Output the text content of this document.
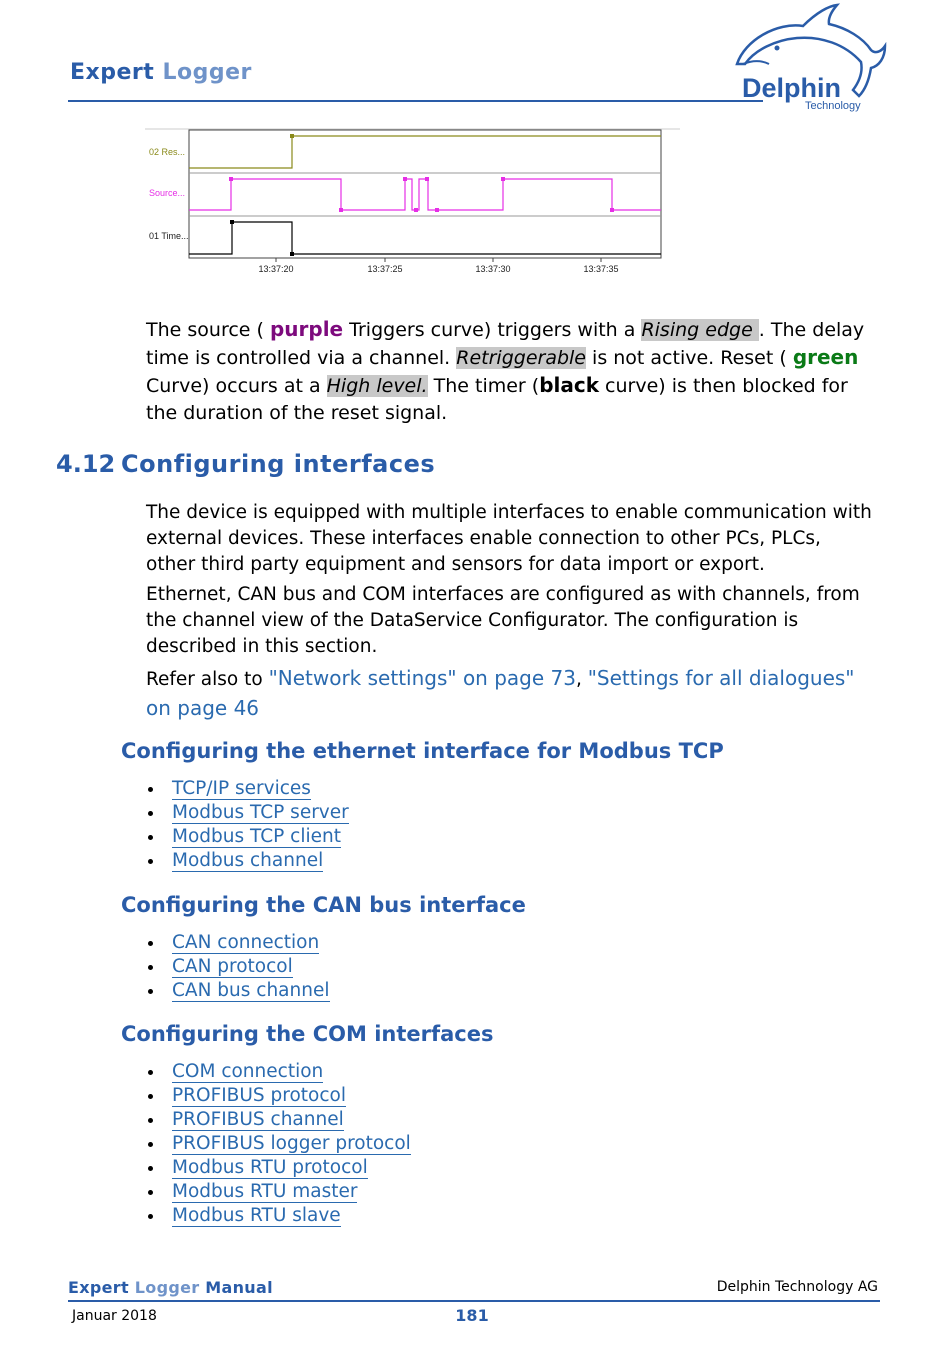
Expert Logger
Delphin
Technology
02 Res...
Source...
01 Time...
13:37:20	13:37:25	13:37:30	13:37:35
The source ( purple Triggers curve) triggers with a Rising edge . The delay time is controlled via a channel. Retriggerable is not active. Reset ( green Curve) occurs at a High level. The timer (black curve) is then blocked for the duration of the reset signal.
4.12 Configuring interfaces
The device is equipped with multiple interfaces to enable communication with external devices. These interfaces enable connection to other PCs, PLCs, other third party equipment and sensors for data import or export.
Ethernet, CAN bus and COM interfaces are configured as with channels, from the channel view of the DataService Configurator. The configuration is described in this section.
Refer also to "Network settings" on page 73, "Settings for all dialogues" on page 46
Configuring the ethernet interface for Modbus TCP
TCP/IP services
Modbus TCP server
Modbus TCP client
Modbus channel
Configuring the CAN bus interface
CAN connection
CAN protocol
CAN bus channel
Configuring the COM interfaces
COM connection
PROFIBUS protocol
PROFIBUS channel
PROFIBUS logger protocol
Modbus RTU protocol
Modbus RTU master
Modbus RTU slave
Expert Logger Manual	Delphin Technology AG
Januar 2018	181
